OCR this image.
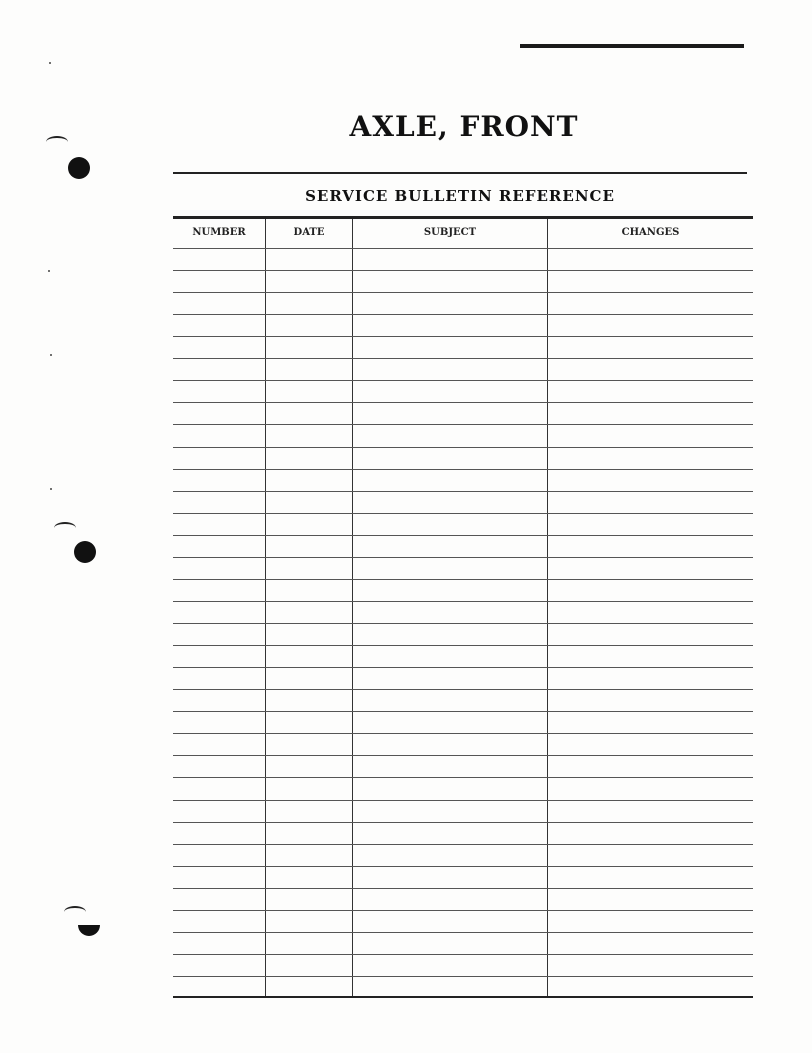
AXLE, FRONT
SERVICE BULLETIN REFERENCE
NUMBER	DATE	SUBJECT	CHANGES
